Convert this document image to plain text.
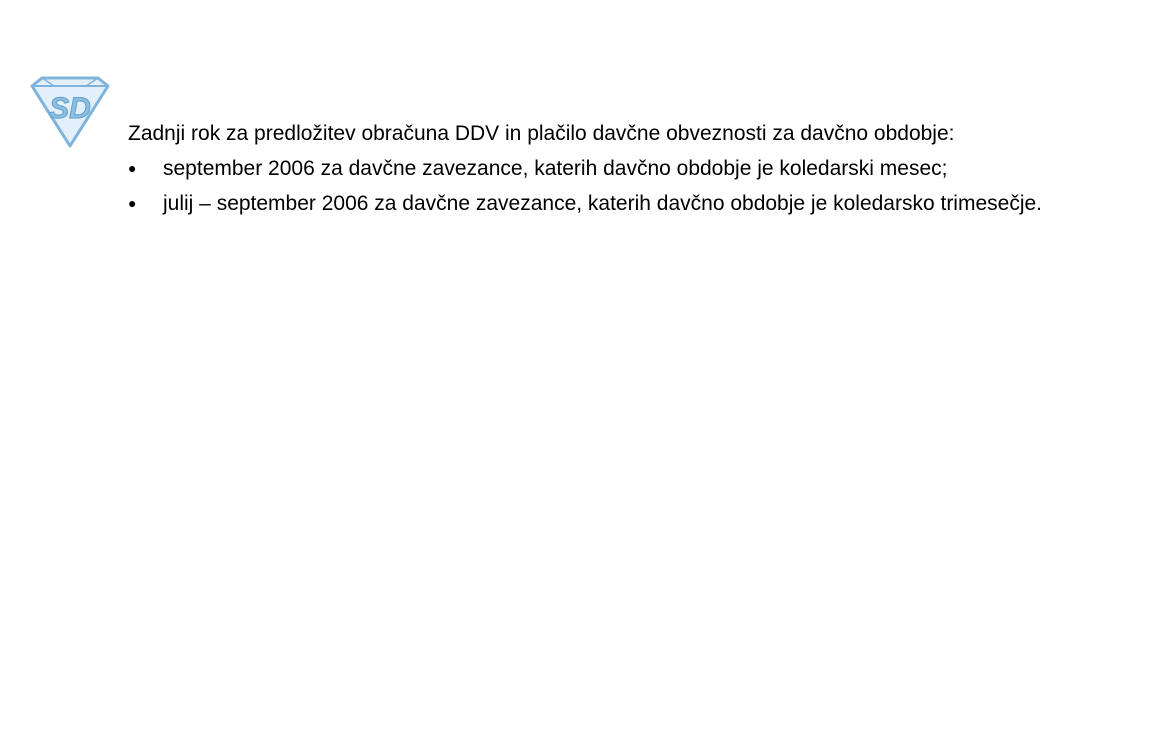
SD

Zadnji rok za predložitev obračuna DDV in plačilo davčne obveznosti za davčno obdobje:

● september 2006 za davčne zavezance, katerih davčno obdobje je koledarski mesec;
● julij – september 2006 za davčne zavezance, katerih davčno obdobje je koledarsko trimesečje.
